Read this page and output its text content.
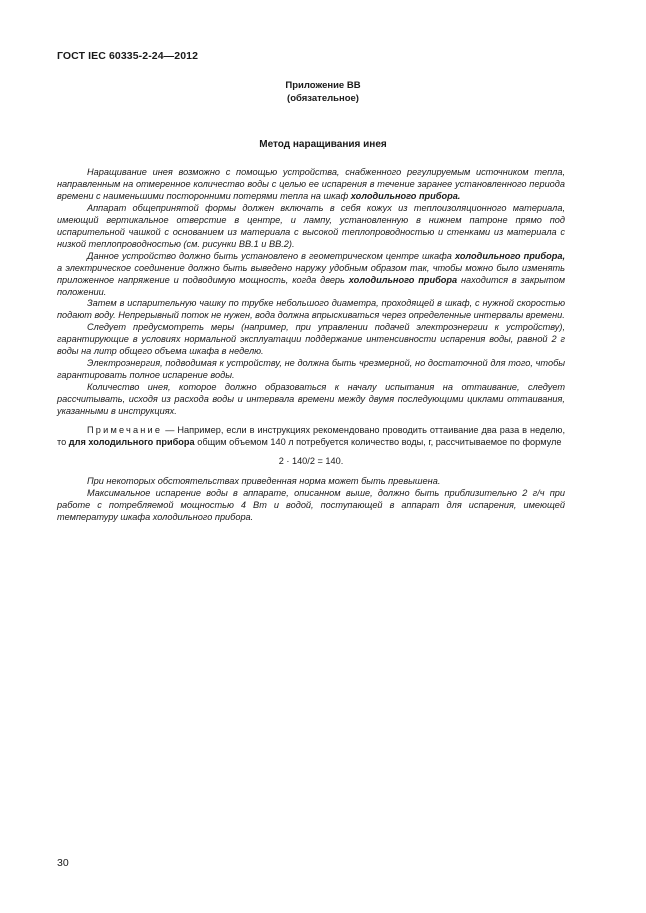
ГОСТ IEC 60335-2-24—2012
Приложение ВВ
(обязательное)
Метод наращивания инея

Наращивание инея возможно с помощью устройства, снабженного регулируемым источником тепла, направленным на отмеренное количество воды с целью ее испарения в течение заранее установленного периода времени с наименьшими посторонними потерями тепла на шкаф холодильного прибора.

Аппарат общепринятой формы должен включать в себя кожух из теплоизоляционного материала, имеющий вертикальное отверстие в центре, и лампу, установленную в нижнем патроне прямо под испарительной чашкой с основанием из материала с высокой теплопроводностью и стенками из материала с низкой теплопроводностью (см. рисунки ВВ.1 и ВВ.2).

Данное устройство должно быть установлено в геометрическом центре шкафа холодильного прибора, а электрическое соединение должно быть выведено наружу удобным образом так, чтобы можно было изменять приложенное напряжение и подводимую мощность, когда дверь холодильного прибора находится в закрытом положении.

Затем в испарительную чашку по трубке небольшого диаметра, проходящей в шкаф, с нужной скоростью подают воду. Непрерывный поток не нужен, вода должна впрыскиваться через определенные интервалы времени.

Следует предусмотреть меры (например, при управлении подачей электроэнергии к устройству), гарантирующие в условиях нормальной эксплуатации поддержание интенсивности испарения воды, равной 2 г воды на литр общего объема шкафа в неделю.

Электроэнергия, подводимая к устройству, не должна быть чрезмерной, но достаточной для того, чтобы гарантировать полное испарение воды.

Количество инея, которое должно образоваться к началу испытания на оттаивание, следует рассчитывать, исходя из расхода воды и интервала времени между двумя последующими циклами оттаивания, указанными в инструкциях.

Примечание — Например, если в инструкциях рекомендовано проводить оттаивание два раза в неделю, то для холодильного прибора общим объемом 140 л потребуется количество воды, г, рассчитываемое по формуле

2 · 140/2 = 140.

При некоторых обстоятельствах приведенная норма может быть превышена.

Максимальное испарение воды в аппарате, описанном выше, должно быть приблизительно 2 г/ч при работе с потребляемой мощностью 4 Вт и водой, поступающей в аппарат для испарения, имеющей температуру шкафа холодильного прибора.

30
